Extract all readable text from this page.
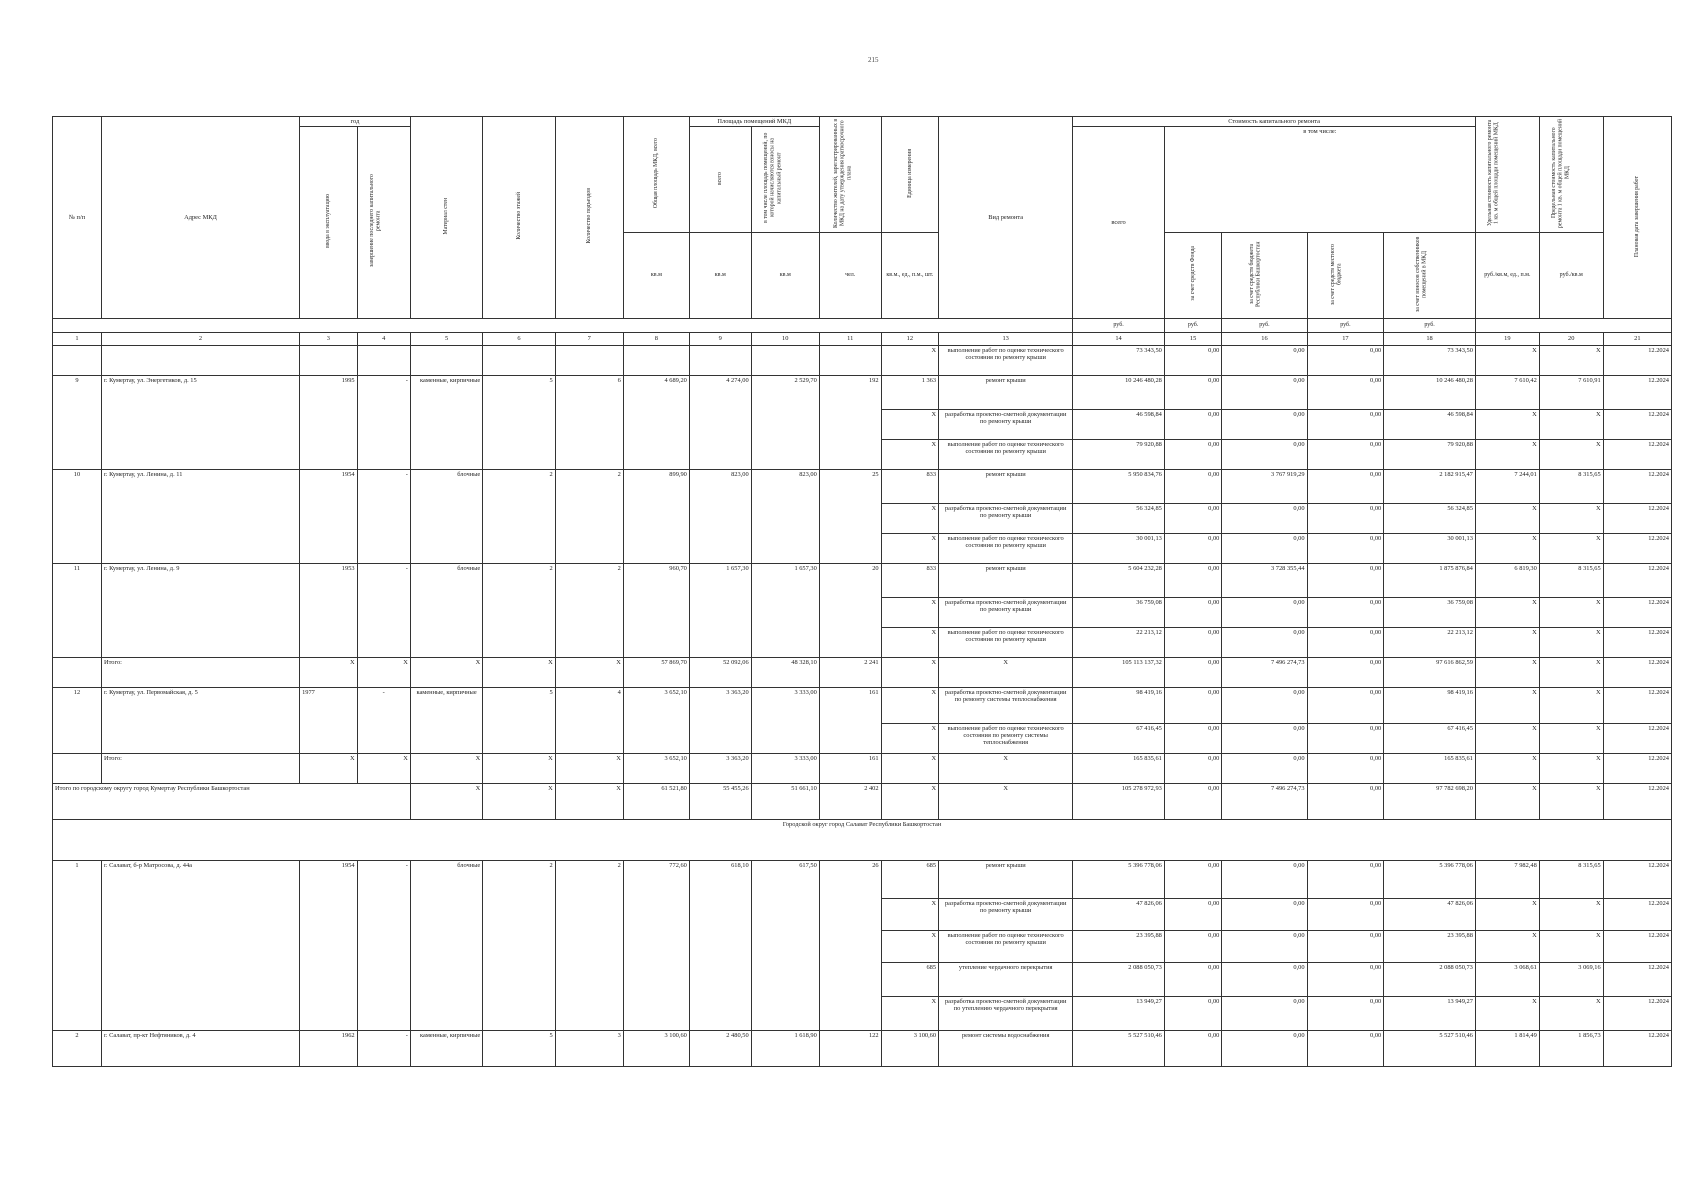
215
№ п/п	Адрес МКД	год		Материал стен	Количество этажей	Количество подъездов	Общая площадь МКД, всего	Площадь помещений МКД		Количество жителей, зарегистрированных в МКД на дату утверждения краткосрочного плана	Единица измерения	Вид ремонта	Стоимость капитального ремонта					Удельная стоимость капитального ремонта 1 кв. м общей площади помещений МКД	Предельная стоимость капитального ремонта 1 кв. м общей площади помещений МКД	Плановая дата завершения работ
		ввода в эксплуатацию	завершение последнего капитального ремонта					всего	в том числе площадь помещений, по которой начисляются взносы на капитальный ремонт				всего	в том числе:						
							кв.м	кв.м	кв.м	чел.	кв.м., ед., п.м., шт.			за счет средств Фонда	за счет средств бюджета Республики Башкортостан	за счет средств местного бюджета	за счет взносов собственников помещений в МКД	руб./кв.м, ед., п.м.	руб./кв.м	
													руб.	руб.	руб.	руб.	руб.			
1	2	3	4	5	6	7	8	9	10	11	12	13	14	15	16	17	18	19	20	21
											X	выполнение работ по оценке технического состояния по ремонту крыши	73 343,50	0,00	0,00	0,00	73 343,50	X	X	12.2024
9	г. Кумертау, ул. Энергетиков, д. 15	1995	-	каменные, кирпичные	5	6	4 689,20	4 274,00	2 529,70	192	1 363	ремонт крыши	10 246 480,28	0,00	0,00	0,00	10 246 480,28	7 610,42	7 610,91	12.2024
											X	разработка проектно-сметной документации по ремонту крыши	46 598,84	0,00	0,00	0,00	46 598,84	X	X	12.2024
											X	выполнение работ по оценке технического состояния по ремонту крыши	79 920,88	0,00	0,00	0,00	79 920,88	X	X	12.2024
10	г. Кумертау, ул. Ленина, д. 11	1954	-	блочные	2	2	899,90	823,00	823,00	25	833	ремонт крыши	5 950 834,76	0,00	3 767 919,29	0,00	2 182 915,47	7 244,01	8 315,65	12.2024
											X	разработка проектно-сметной документации по ремонту крыши	56 324,85	0,00	0,00	0,00	56 324,85	X	X	12.2024
											X	выполнение работ по оценке технического состояния по ремонту крыши	30 001,13	0,00	0,00	0,00	30 001,13	X	X	12.2024
11	г. Кумертау, ул. Ленина, д. 9	1953	-	блочные	2	2	960,70	1 657,30	1 657,30	20	833	ремонт крыши	5 604 232,28	0,00	3 728 355,44	0,00	1 875 876,84	6 819,30	8 315,65	12.2024
											X	разработка проектно-сметной документации по ремонту крыши	36 759,08	0,00	0,00	0,00	36 759,08	X	X	12.2024
											X	выполнение работ по оценке технического состояния по ремонту крыши	22 213,12	0,00	0,00	0,00	22 213,12	X	X	12.2024
	Итого:	X	X	X	X	X	57 869,70	52 092,06	48 328,10	2 241	X	X	105 113 137,32	0,00	7 496 274,73	0,00	97 616 862,59	X	X	12.2024
12	г. Кумертау, ул. Первомайская, д. 5	1977	-	каменные, кирпичные	5	4	3 652,10	3 363,20	3 333,00	161	X	разработка проектно-сметной документации по ремонту системы теплоснабжения	98 419,16	0,00	0,00	0,00	98 419,16	X	X	12.2024
											X	выполнение работ по оценке технического состояния по ремонту системы теплоснабжения	67 416,45	0,00	0,00	0,00	67 416,45	X	X	12.2024
	Итого:	X	X	X	X	X	3 652,10	3 363,20	3 333,00	161	X	X	165 835,61	0,00	0,00	0,00	165 835,61	X	X	12.2024
Итого по городскому округу город Кумертау Республики Башкортостан				X	X	X	61 521,80	55 455,26	51 661,10	2 402	X	X	105 278 972,93	0,00	7 496 274,73	0,00	97 782 698,20	X	X	12.2024
Городской округ город Салават Республики Башкортостан																				
1	г. Салават, б-р Матросова, д. 44а	1954	-	блочные	2	2	772,60	618,10	617,50	26	685	ремонт крыши	5 396 778,06	0,00	0,00	0,00	5 396 778,06	7 982,48	8 315,65	12.2024
											X	разработка проектно-сметной документации по ремонту крыши	47 826,06	0,00	0,00	0,00	47 826,06	X	X	12.2024
											X	выполнение работ по оценке технического состояния по ремонту крыши	23 395,88	0,00	0,00	0,00	23 395,88	X	X	12.2024
											685	утепление чердачного перекрытия	2 088 050,73	0,00	0,00	0,00	2 088 050,73	3 068,61	3 069,16	12.2024
											X	разработка проектно-сметной документации по утеплению чердачного перекрытия	13 949,27	0,00	0,00	0,00	13 949,27	X	X	12.2024
2	г. Салават, пр-кт Нефтяников, д. 4	1962	-	каменные, кирпичные	5	3	3 100,60	2 480,50	1 618,90	122	3 100,60	ремонт системы водоснабжения	5 527 510,46	0,00	0,00	0,00	5 527 510,46	1 814,49	1 856,73	12.2024
